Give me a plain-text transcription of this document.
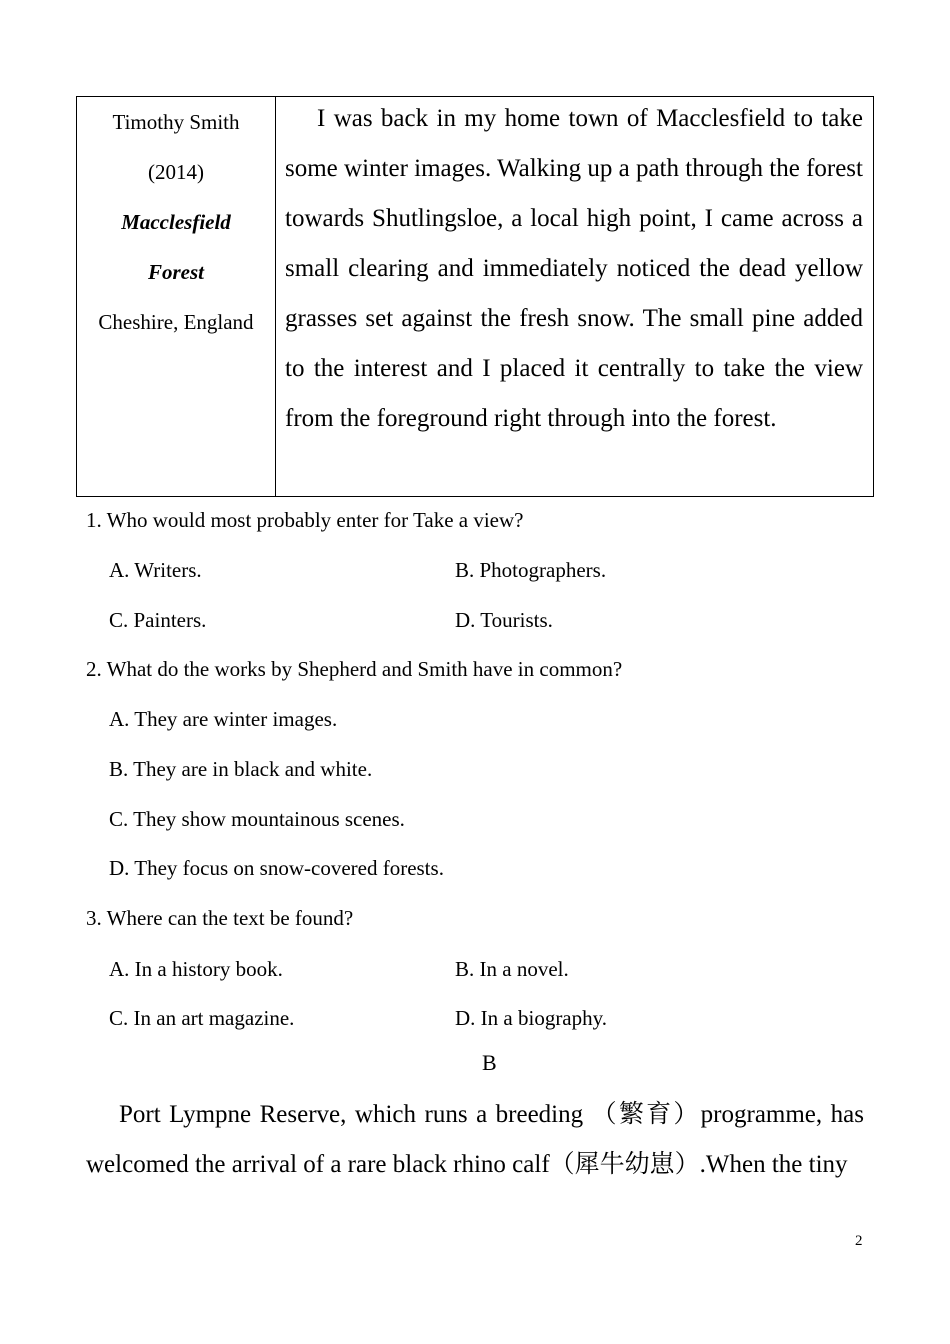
Timothy Smith
(2014)
Macclesfield
Forest
Cheshire, England

I was back in my home town of Macclesfield to take some winter images. Walking up a path through the forest towards Shutlingsloe, a local high point, I came across a small clearing and immediately noticed the dead yellow grasses set against the fresh snow. The small pine added to the interest and I placed it centrally to take the view from the foreground right through into the forest.

1. Who would most probably enter for Take a view?
A. Writers.	B. Photographers.
C. Painters.	D. Tourists.
2. What do the works by Shepherd and Smith have in common?
A. They are winter images.
B. They are in black and white.
C. They show mountainous scenes.
D. They focus on snow-covered forests.
3. Where can the text be found?
A. In a history book.	B. In a novel.
C. In an art magazine.	D. In a biography.
B

Port Lympne Reserve, which runs a breeding （繁育）programme, has welcomed the arrival of a rare black rhino calf（犀牛幼崽）.When the tiny

2
